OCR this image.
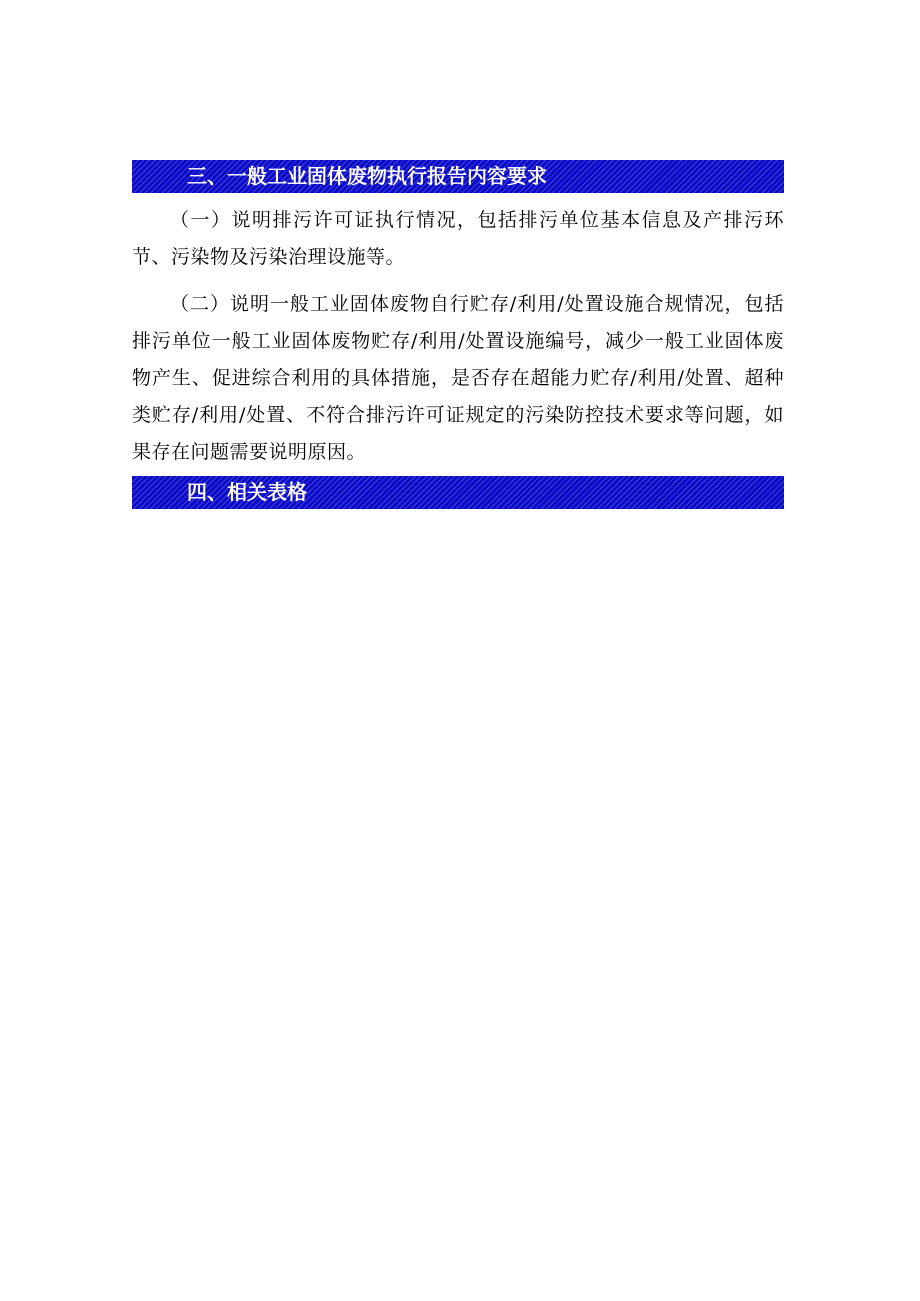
三、一般工业固体废物执行报告内容要求

（一）说明排污许可证执行情况，包括排污单位基本信息及产排污环节、污染物及污染治理设施等。

（二）说明一般工业固体废物自行贮存/利用/处置设施合规情况，包括排污单位一般工业固体废物贮存/利用/处置设施编号，减少一般工业固体废物产生、促进综合利用的具体措施，是否存在超能力贮存/利用/处置、超种类贮存/利用/处置、不符合排污许可证规定的污染防控技术要求等问题，如果存在问题需要说明原因。

四、相关表格
